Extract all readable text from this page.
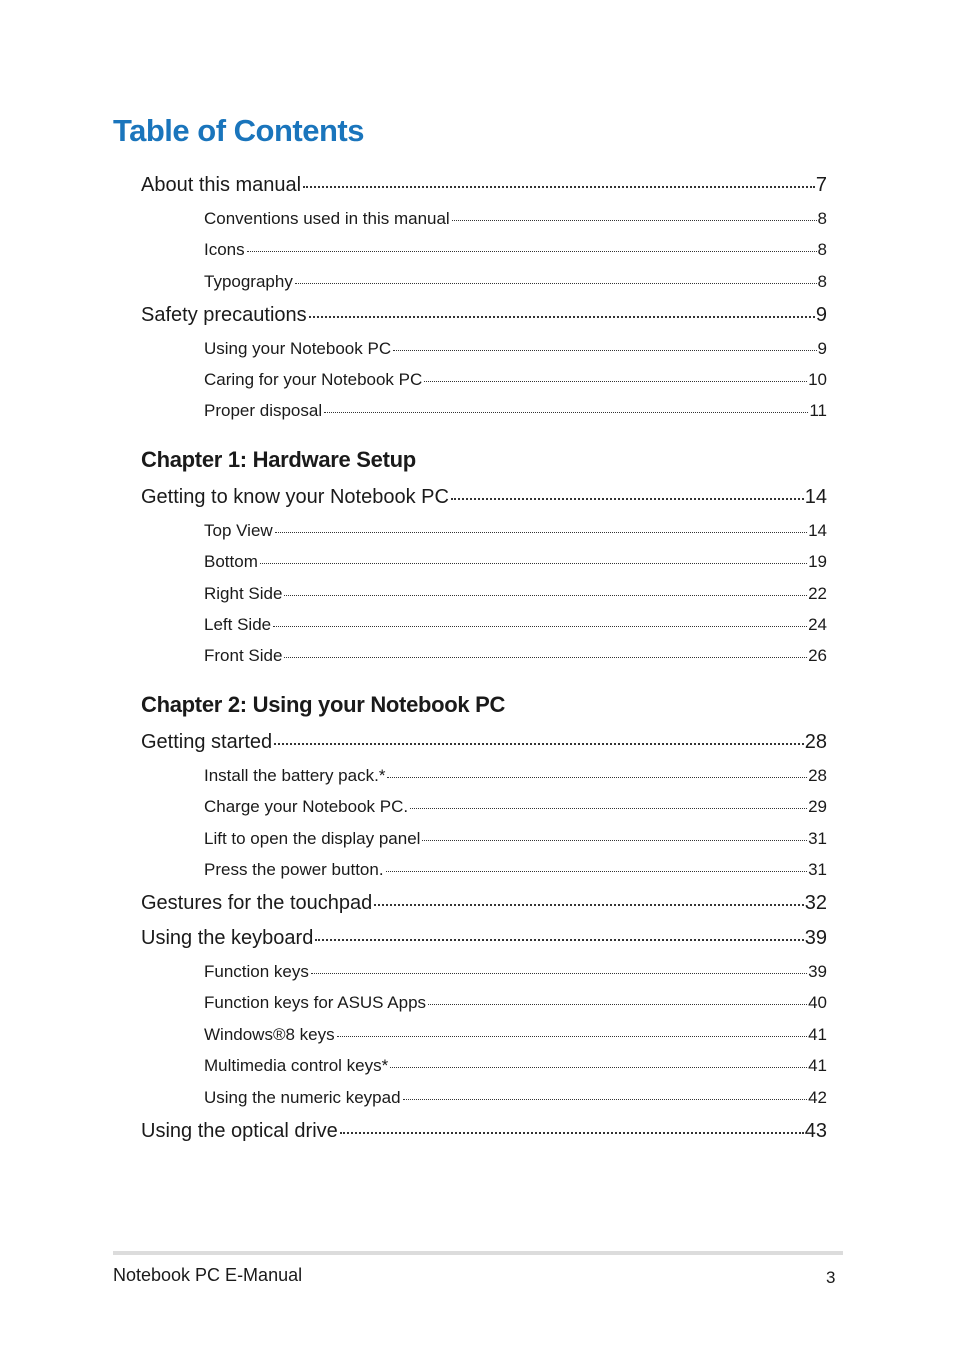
Table of Contents
About this manual	7
Conventions used in this manual	8
Icons	8
Typography	8
Safety precautions	9
Using your Notebook PC	9
Caring for your Notebook PC	10
Proper disposal	11
Chapter 1: Hardware Setup
Getting to know your Notebook PC	14
Top View	14
Bottom	19
Right Side	22
Left Side	24
Front Side	26
Chapter 2: Using your Notebook PC
Getting started	28
Install the battery pack.*	28
Charge your Notebook PC.	29
Lift to open the display panel	31
Press the power button.	31
Gestures for the touchpad	32
Using the keyboard	39
Function keys	39
Function keys for ASUS Apps	40
Windows®8 keys	41
Multimedia control keys*	41
Using the numeric keypad	42
Using the optical drive	43
Notebook PC E-Manual	3
